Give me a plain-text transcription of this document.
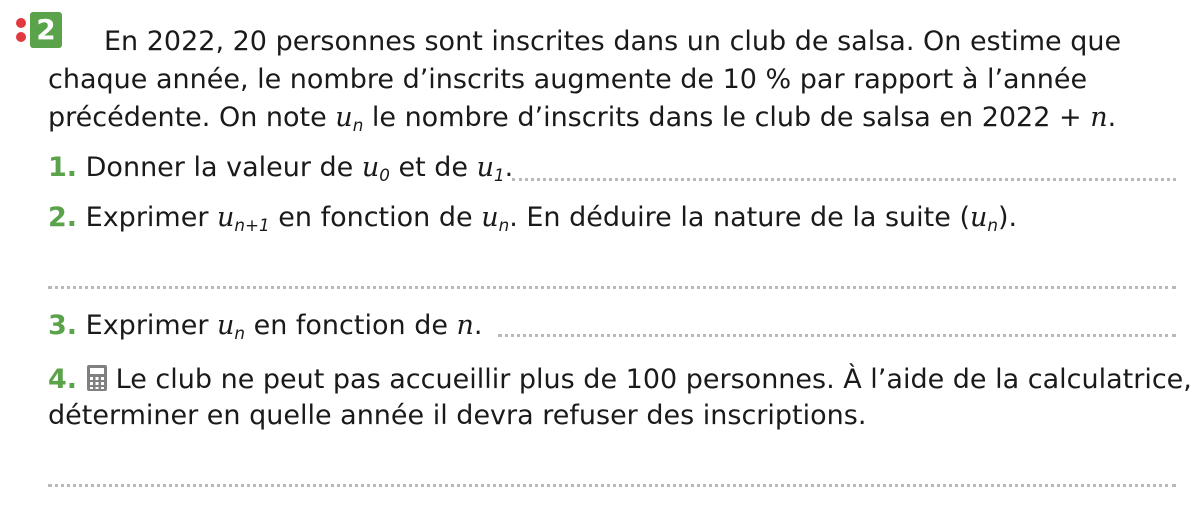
2 En 2022, 20 personnes sont inscrites dans un club de salsa. On estime que
chaque année, le nombre d’inscrits augmente de 10 % par rapport à l’année
précédente. On note un le nombre d’inscrits dans le club de salsa en 2022 + n.
1. Donner la valeur de u0 et de u1.
2. Exprimer un+1 en fonction de un. En déduire la nature de la suite (un).
3. Exprimer un en fonction de n.
4. Le club ne peut pas accueillir plus de 100 personnes. À l’aide de la calculatrice,
déterminer en quelle année il devra refuser des inscriptions.
